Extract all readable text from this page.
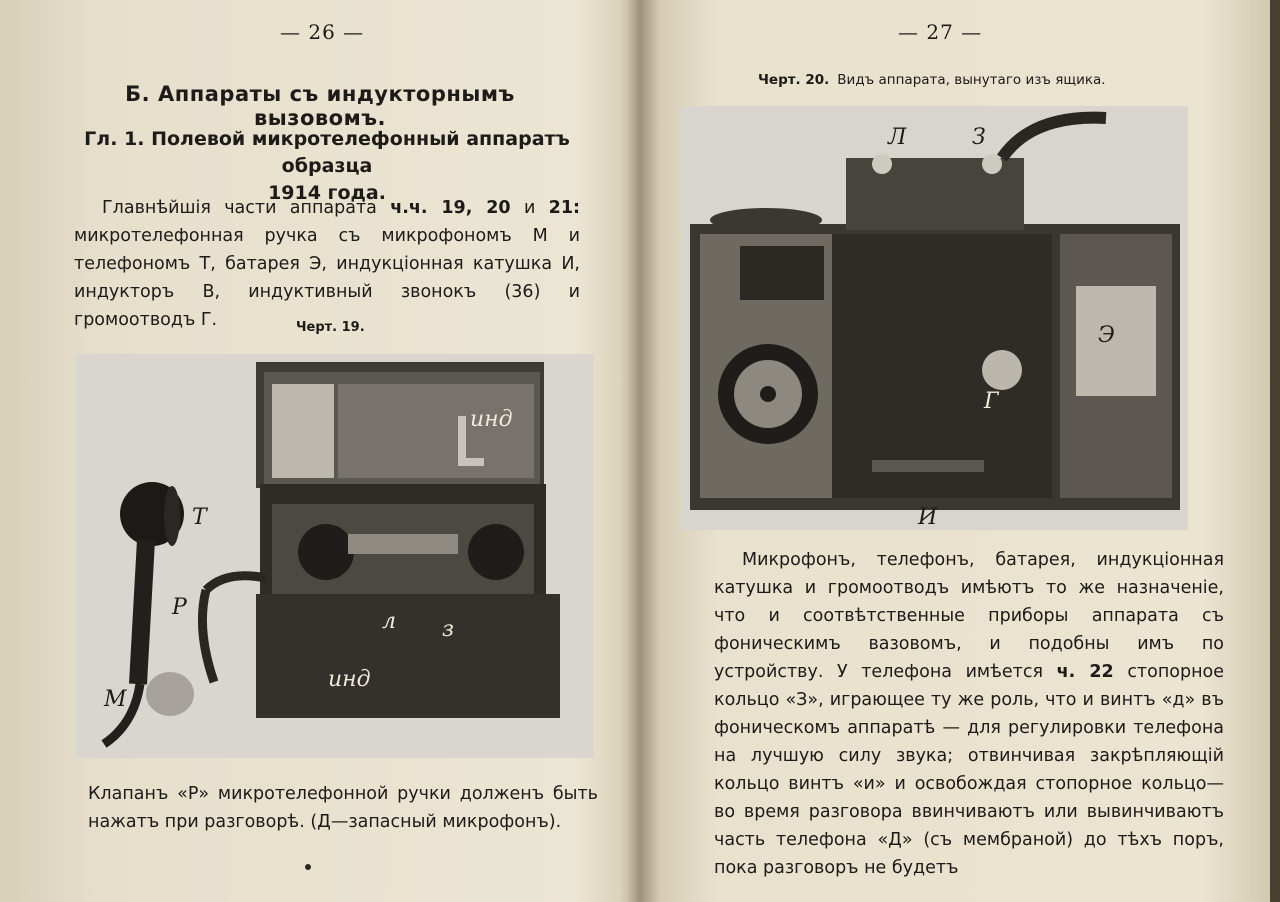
— 26 —
Б. Аппараты съ индукторнымъ вызовомъ.
Гл. 1. Полевой микротелефонный аппаратъ образца
1914 года.
Главнѣйшія части аппарата ч.ч. 19, 20 и 21: микротелефонная ручка съ микрофономъ М и телефономъ Т, батарея Э, индукціонная катушка И, индукторъ В, индуктивный звонокъ (36) и громоотводъ Г.	Черт. 19.
Т
Р
М
инд
инд
л з
Клапанъ «Р» микротелефонной ручки долженъ быть нажатъ при разговорѣ. (Д—запасный микрофонъ).
— 27 —
Черт. 20. Видъ аппарата, вынутаго изъ ящика.
Л	З
Г
И
Э
Микрофонъ, телефонъ, батарея, индукціонная катушка и громоотводъ имѣютъ то же назначеніе, что и соотвѣтственные приборы аппарата съ фоническимъ вазовомъ, и подобны имъ по устройству. У телефона имѣется ч. 22 стопорное кольцо «З», играющее ту же роль, что и винтъ «д» въ фоническомъ аппаратѣ — для регулировки телефона на лучшую силу звука; отвинчивая закрѣпляющій кольцо винтъ «и» и освобождая стопорное кольцо—во время разговора ввинчиваютъ или вывинчиваютъ часть телефона «Д» (съ мембраной) до тѣхъ поръ, пока разговоръ не будетъ
